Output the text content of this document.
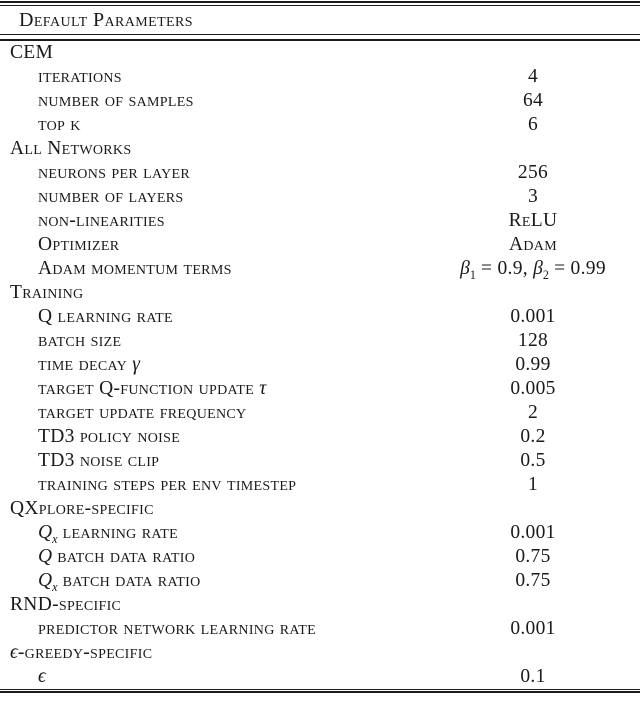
Default Parameters
CEM
iterations	4
number of samples	64
top k	6
All Networks
neurons per layer	256
number of layers	3
non-linearities	ReLU
Optimizer	Adam
Adam momentum terms	$\beta_1 = 0.9$, $\beta_2 = 0.99$
Training
Q learning rate	0.001
batch size	128
time decay γ	0.99
target Q-function update τ	0.005
target update frequency	2
TD3 policy noise	0.2
TD3 noise clip	0.5
training steps per env timestep	1
QXplore-specific
$Q_x$ learning rate	0.001
Q batch data ratio	0.75
$Q_x$ batch data ratio	0.75
RND-specific
predictor network learning rate	0.001
ϵ-greedy-specific
ϵ	0.1
